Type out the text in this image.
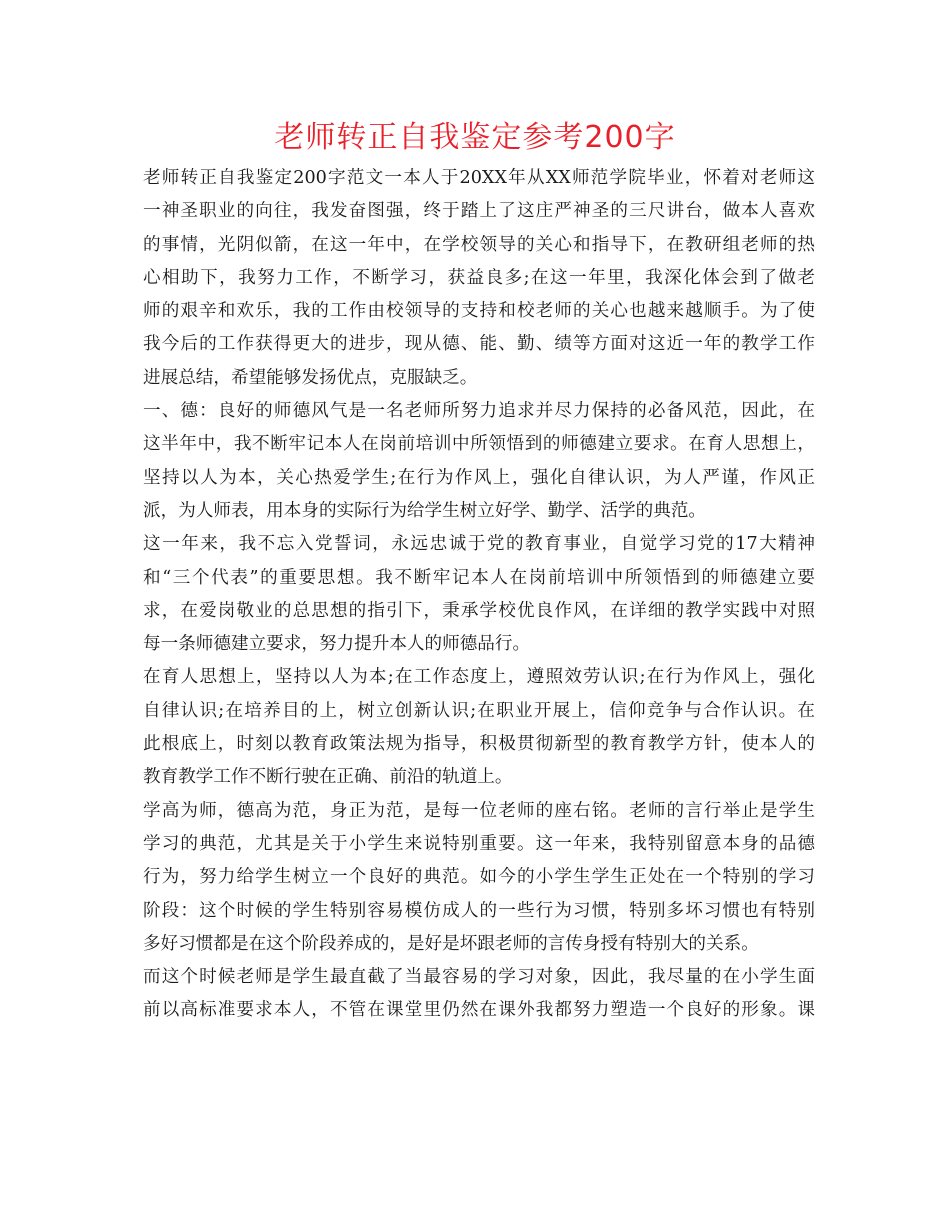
老师转正自我鉴定参考200字
老师转正自我鉴定200字范文一本人于20XX年从XX师范学院毕业，怀着对老师这
一神圣职业的向往，我发奋图强，终于踏上了这庄严神圣的三尺讲台，做本人喜欢
的事情，光阴似箭，在这一年中，在学校领导的关心和指导下，在教研组老师的热
心相助下，我努力工作，不断学习，获益良多;在这一年里，我深化体会到了做老
师的艰辛和欢乐，我的工作由校领导的支持和校老师的关心也越来越顺手。为了使
我今后的工作获得更大的进步，现从德、能、勤、绩等方面对这近一年的教学工作
进展总结，希望能够发扬优点，克服缺乏。
一、德：良好的师德风气是一名老师所努力追求并尽力保持的必备风范，因此，在
这半年中，我不断牢记本人在岗前培训中所领悟到的师德建立要求。在育人思想上，
坚持以人为本，关心热爱学生;在行为作风上，强化自律认识，为人严谨，作风正
派，为人师表，用本身的实际行为给学生树立好学、勤学、活学的典范。
这一年来，我不忘入党誓词，永远忠诚于党的教育事业，自觉学习党的17大精神
和“三个代表”的重要思想。我不断牢记本人在岗前培训中所领悟到的师德建立要
求，在爱岗敬业的总思想的指引下，秉承学校优良作风，在详细的教学实践中对照
每一条师德建立要求，努力提升本人的师德品行。
在育人思想上，坚持以人为本;在工作态度上，遵照效劳认识;在行为作风上，强化
自律认识;在培养目的上，树立创新认识;在职业开展上，信仰竞争与合作认识。在
此根底上，时刻以教育政策法规为指导，积极贯彻新型的教育教学方针，使本人的
教育教学工作不断行驶在正确、前沿的轨道上。
学高为师，德高为范，身正为范，是每一位老师的座右铭。老师的言行举止是学生
学习的典范，尤其是关于小学生来说特别重要。这一年来，我特别留意本身的品德
行为，努力给学生树立一个良好的典范。如今的小学生学生正处在一个特别的学习
阶段：这个时候的学生特别容易模仿成人的一些行为习惯，特别多坏习惯也有特别
多好习惯都是在这个阶段养成的，是好是坏跟老师的言传身授有特别大的关系。
而这个时候老师是学生最直截了当最容易的学习对象，因此，我尽量的在小学生面
前以高标准要求本人，不管在课堂里仍然在课外我都努力塑造一个良好的形象。课
